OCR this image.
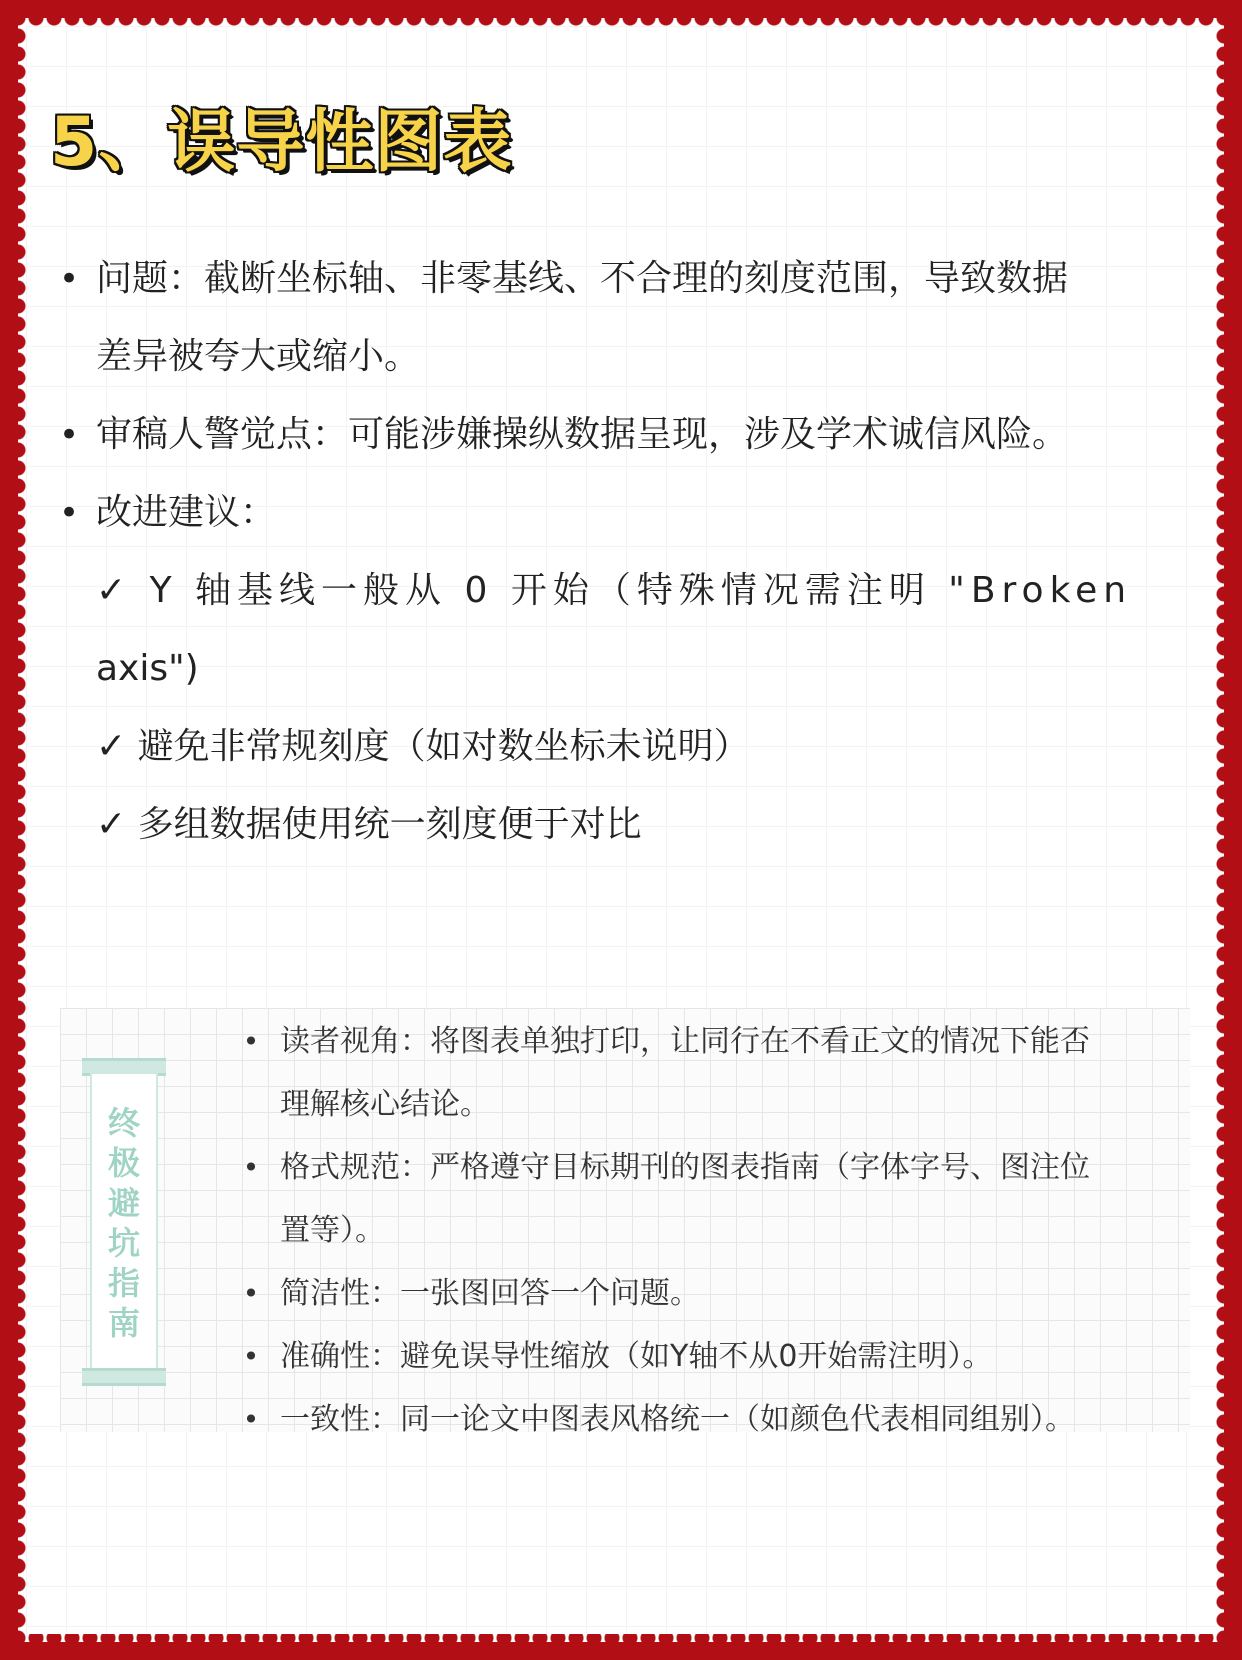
5、误导性图表
•
问题：截断坐标轴、非零基线、不合理的刻度范围，导致数据
差异被夸大或缩小。
•
审稿人警觉点：可能涉嫌操纵数据呈现，涉及学术诚信风险。
•
改进建议：
✓ Y 轴基线一般从 0 开始（特殊情况需注明 "Broken
axis")
✓ 避免非常规刻度（如对数坐标未说明）
✓ 多组数据使用统一刻度便于对比
终
极
避
坑
指
南
•
读者视角：将图表单独打印，让同行在不看正文的情况下能否
理解核心结论。
•
格式规范：严格遵守目标期刊的图表指南（字体字号、图注位
置等）。
•
简洁性：一张图回答一个问题。
•
准确性：避免误导性缩放（如Y轴不从0开始需注明）。
•
一致性：同一论文中图表风格统一（如颜色代表相同组别）。
